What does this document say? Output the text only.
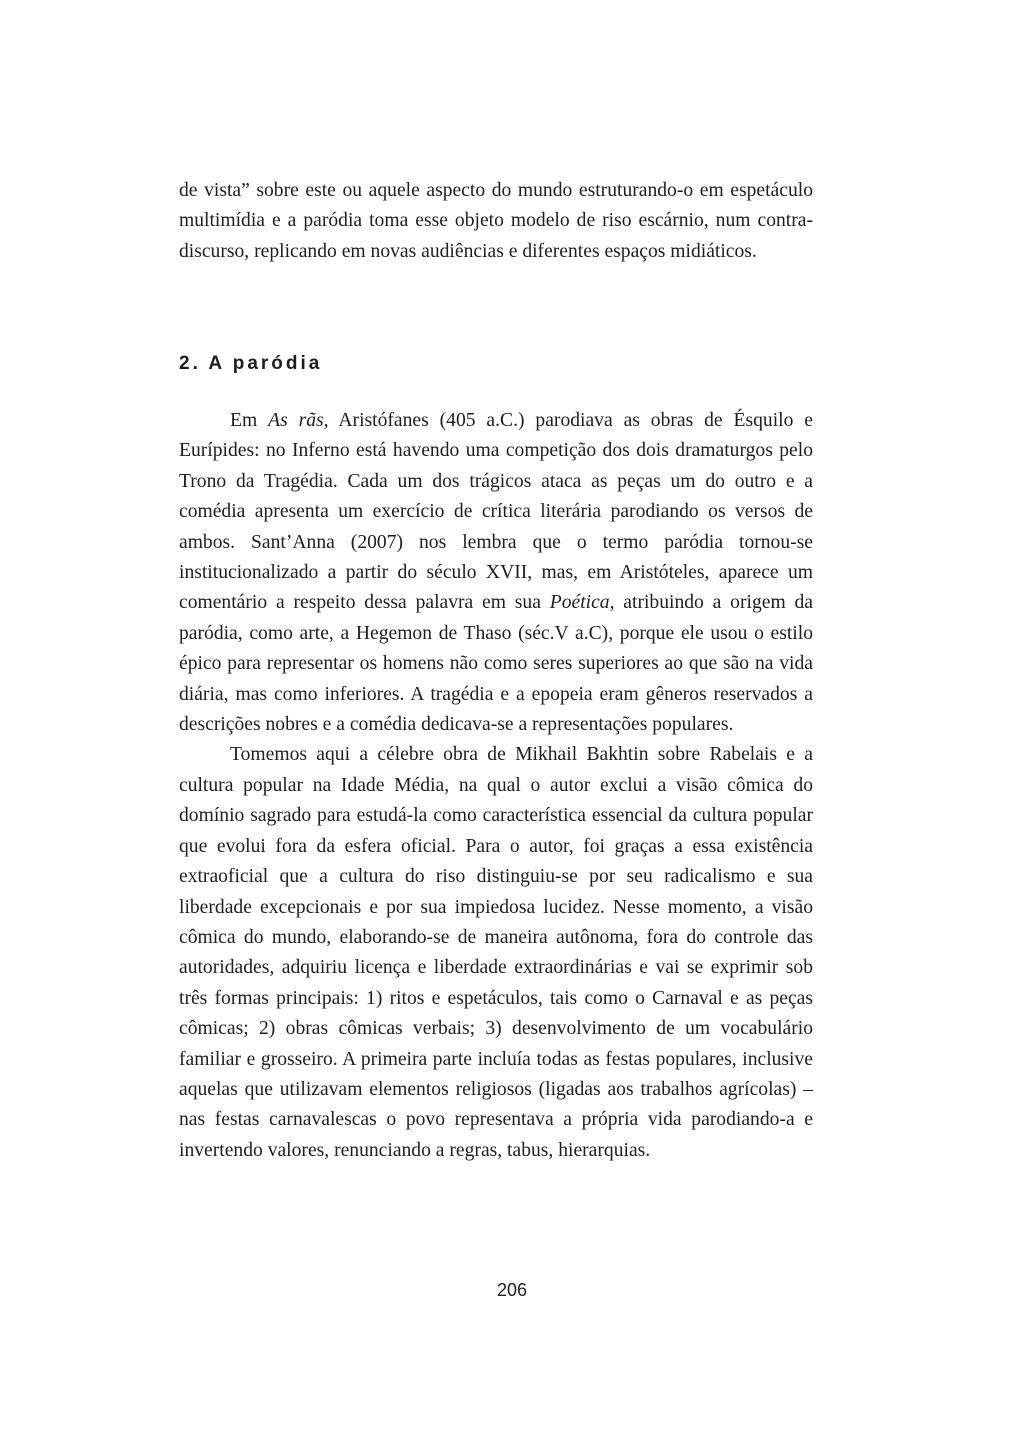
de vista” sobre este ou aquele aspecto do mundo estruturando-o em espetáculo multimídia e a paródia toma esse objeto modelo de riso escárnio, num contra-discurso, replicando em novas audiências e diferentes espaços midiáticos.

2. A paródia

Em As rãs, Aristófanes (405 a.C.) parodiava as obras de Ésquilo e Eurípides: no Inferno está havendo uma competição dos dois dramaturgos pelo Trono da Tragédia. Cada um dos trágicos ataca as peças um do outro e a comédia apresenta um exercício de crítica literária parodiando os versos de ambos. Sant’Anna (2007) nos lembra que o termo paródia tornou-se institucionalizado a partir do século XVII, mas, em Aristóteles, aparece um comentário a respeito dessa palavra em sua Poética, atribuindo a origem da paródia, como arte, a Hegemon de Thaso (séc.V a.C), porque ele usou o estilo épico para representar os homens não como seres superiores ao que são na vida diária, mas como inferiores. A tragédia e a epopeia eram gêneros reservados a descrições nobres e a comédia dedicava-se a representações populares.

Tomemos aqui a célebre obra de Mikhail Bakhtin sobre Rabelais e a cultura popular na Idade Média, na qual o autor exclui a visão cômica do domínio sagrado para estudá-la como característica essencial da cultura popular que evolui fora da esfera oficial. Para o autor, foi graças a essa existência extraoficial que a cultura do riso distinguiu-se por seu radicalismo e sua liberdade excepcionais e por sua impiedosa lucidez. Nesse momento, a visão cômica do mundo, elaborando-se de maneira autônoma, fora do controle das autoridades, adquiriu licença e liberdade extraordinárias e vai se exprimir sob três formas principais: 1) ritos e espetáculos, tais como o Carnaval e as peças cômicas; 2) obras cômicas verbais; 3) desenvolvimento de um vocabulário familiar e grosseiro. A primeira parte incluía todas as festas populares, inclusive aquelas que utilizavam elementos religiosos (ligadas aos trabalhos agrícolas) – nas festas carnavalescas o povo representava a própria vida parodiando-a e invertendo valores, renunciando a regras, tabus, hierarquias.

206
